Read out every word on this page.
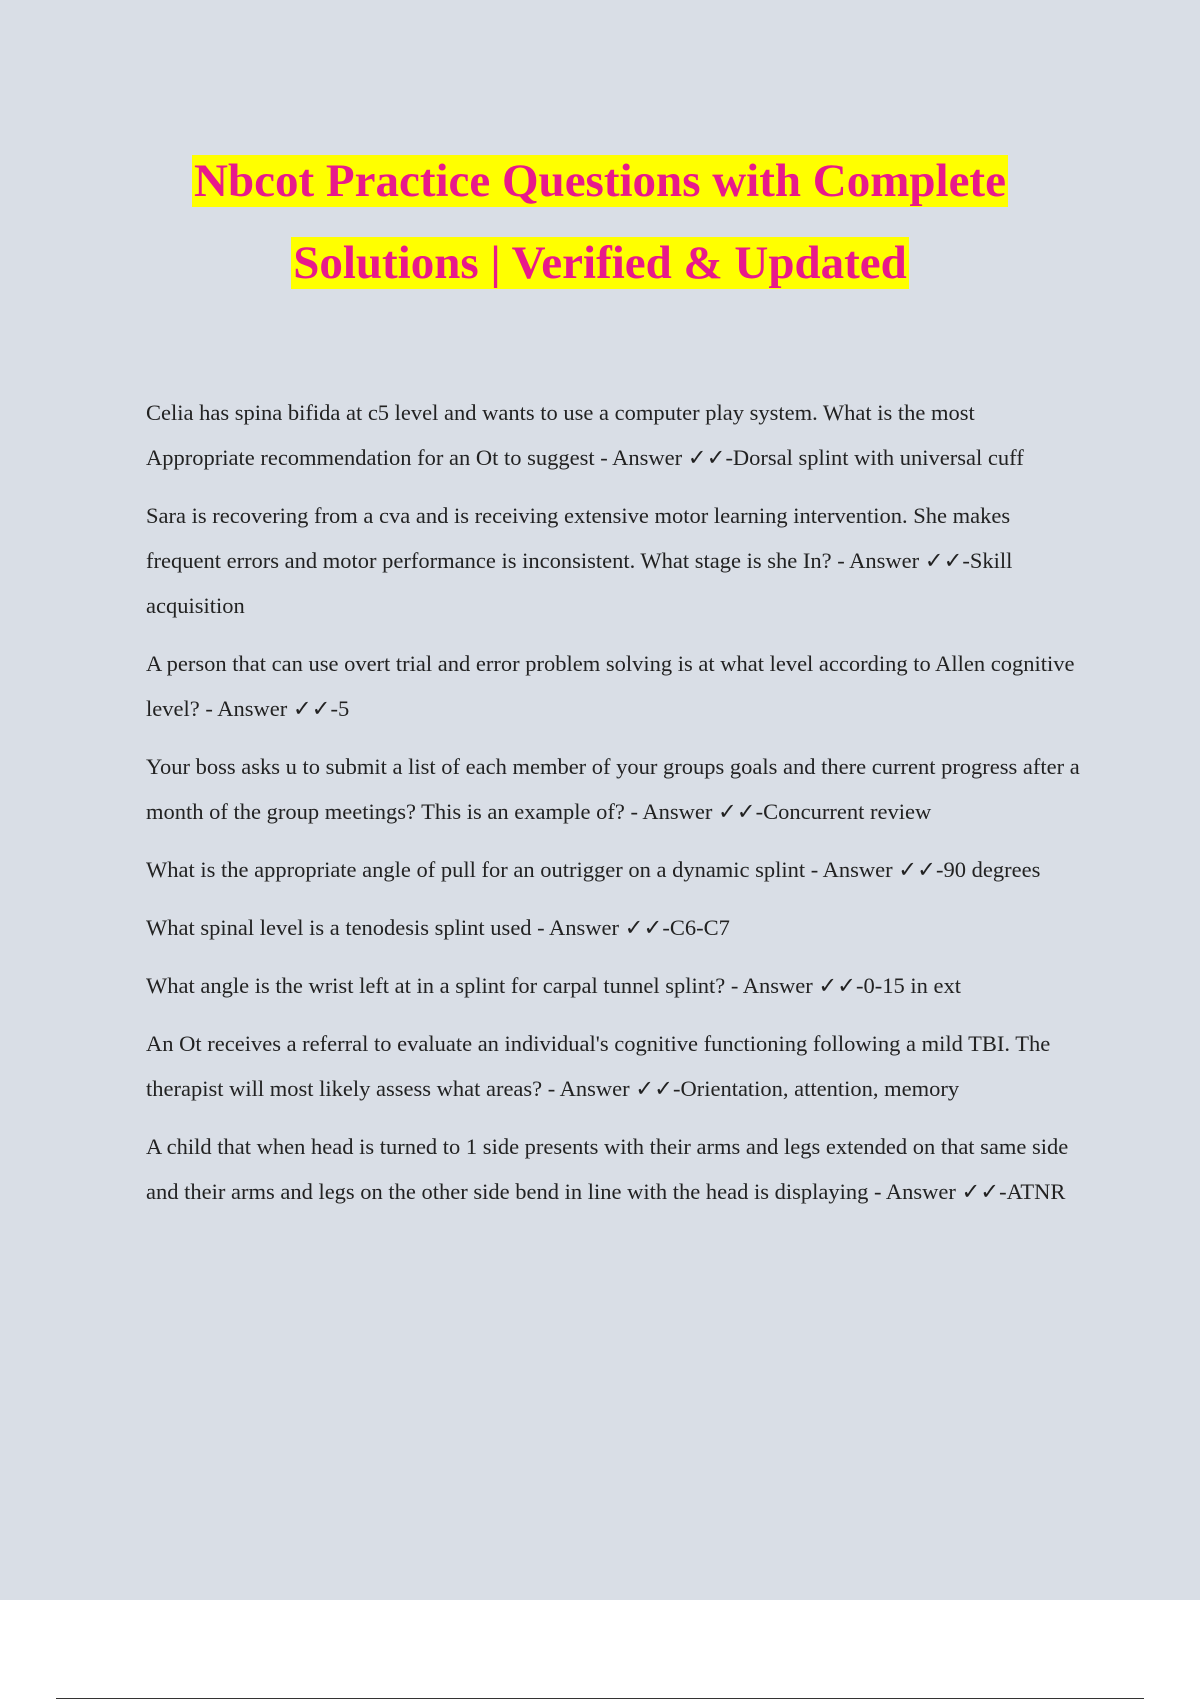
Nbcot Practice Questions with Complete
Solutions | Verified & Updated

Celia has spina bifida at c5 level and wants to use a computer play system. What is the most Appropriate recommendation for an Ot to suggest - Answer ✓✓-Dorsal splint with universal cuff

Sara is recovering from a cva and is receiving extensive motor learning intervention. She makes frequent errors and motor performance is inconsistent. What stage is she In? - Answer ✓✓-Skill acquisition

A person that can use overt trial and error problem solving is at what level according to Allen cognitive level? - Answer ✓✓-5

Your boss asks u to submit a list of each member of your groups goals and there current progress after a month of the group meetings? This is an example of? - Answer ✓✓-Concurrent review

What is the appropriate angle of pull for an outrigger on a dynamic splint - Answer ✓✓-90 degrees

What spinal level is a tenodesis splint used - Answer ✓✓-C6-C7

What angle is the wrist left at in a splint for carpal tunnel splint? - Answer ✓✓-0-15 in ext

An Ot receives a referral to evaluate an individual's cognitive functioning following a mild TBI. The therapist will most likely assess what areas? - Answer ✓✓-Orientation, attention, memory

A child that when head is turned to 1 side presents with their arms and legs extended on that same side and their arms and legs on the other side bend in line with the head is displaying - Answer ✓✓-ATNR
